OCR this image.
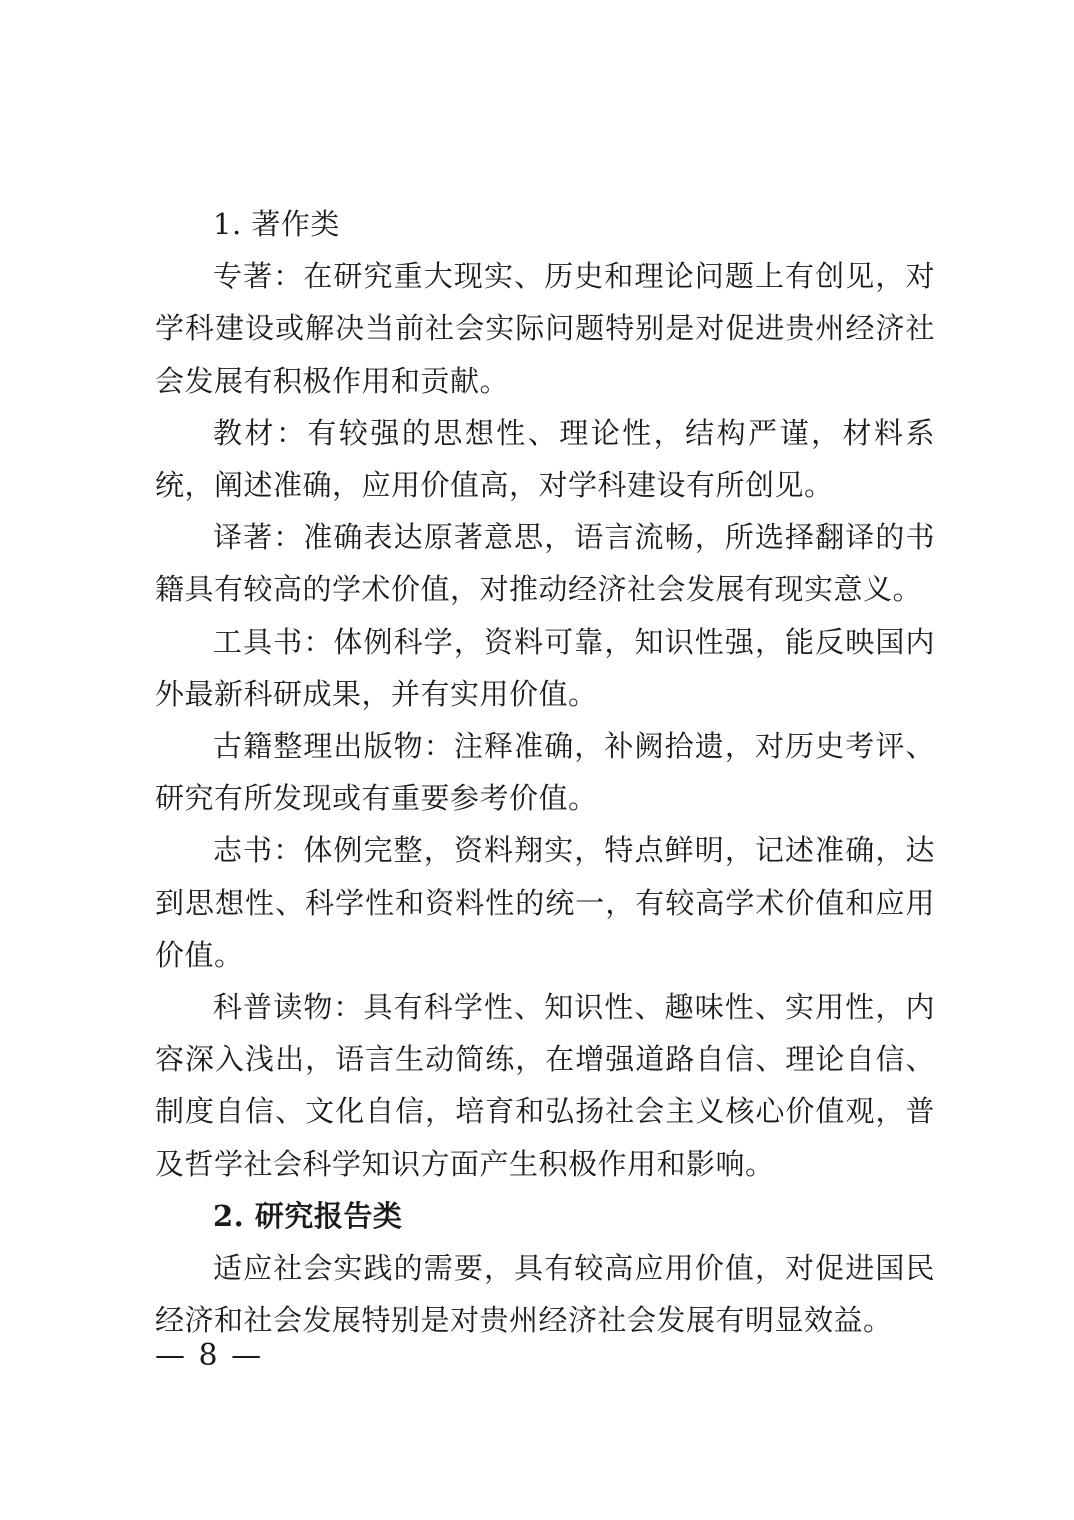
1. 著作类

专著：在研究重大现实、历史和理论问题上有创见，对学科建设或解决当前社会实际问题特别是对促进贵州经济社会发展有积极作用和贡献。

教材：有较强的思想性、理论性，结构严谨，材料系统，阐述准确，应用价值高，对学科建设有所创见。

译著：准确表达原著意思，语言流畅，所选择翻译的书籍具有较高的学术价值，对推动经济社会发展有现实意义。

工具书：体例科学，资料可靠，知识性强，能反映国内外最新科研成果，并有实用价值。

古籍整理出版物：注释准确，补阙拾遗，对历史考评、研究有所发现或有重要参考价值。

志书：体例完整，资料翔实，特点鲜明，记述准确，达到思想性、科学性和资料性的统一，有较高学术价值和应用价值。

科普读物：具有科学性、知识性、趣味性、实用性，内容深入浅出，语言生动简练，在增强道路自信、理论自信、制度自信、文化自信，培育和弘扬社会主义核心价值观，普及哲学社会科学知识方面产生积极作用和影响。

2. 研究报告类

适应社会实践的需要，具有较高应用价值，对促进国民经济和社会发展特别是对贵州经济社会发展有明显效益。

— 8 —
